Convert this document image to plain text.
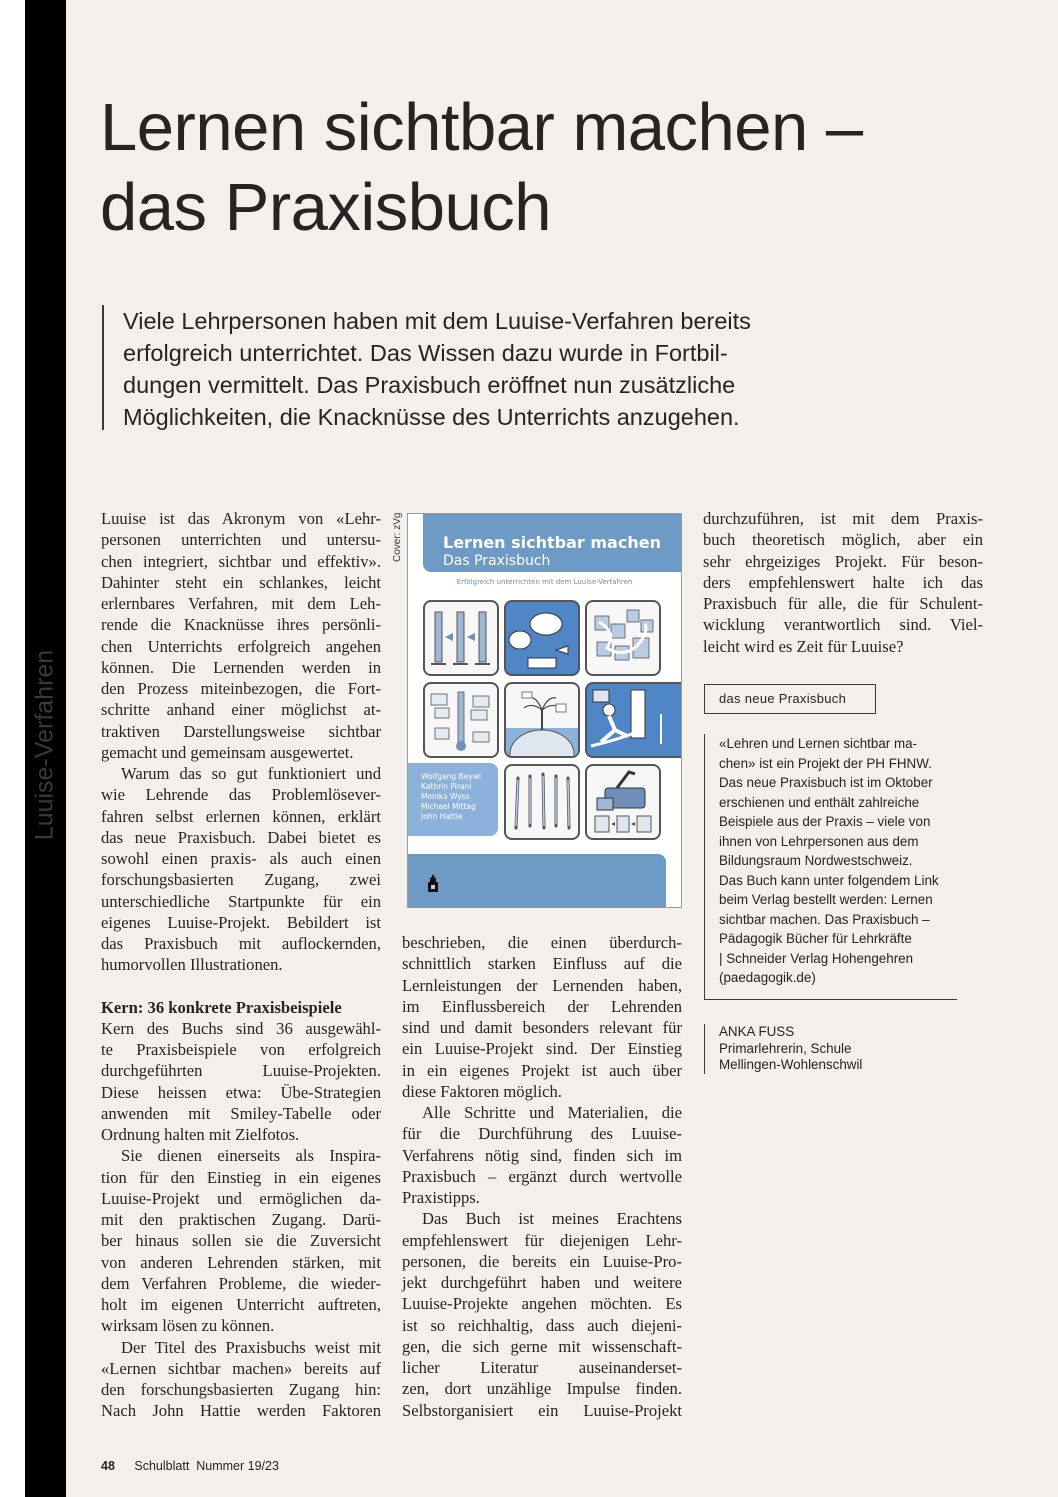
Luuise-Verfahren
Lernen sichtbar machen –
das Praxisbuch
Viele Lehrpersonen haben mit dem Luuise-Verfahren bereits
erfolgreich unterrichtet. Das Wissen dazu wurde in Fortbil-
dungen vermittelt. Das Praxisbuch eröffnet nun zusätzliche
Möglichkeiten, die Knacknüsse des Unterrichts anzugehen.
Luuise ist das Akronym von «Lehr-
personen unterrichten und untersu-
chen integriert, sichtbar und effektiv».
Dahinter steht ein schlankes, leicht
erlernbares Verfahren, mit dem Leh-
rende die Knacknüsse ihres persönli-
chen Unterrichts erfolgreich angehen
können. Die Lernenden werden in
den Prozess miteinbezogen, die Fort-
schritte anhand einer möglichst at-
traktiven Darstellungsweise sichtbar
gemacht und gemeinsam ausgewertet.
Warum das so gut funktioniert und
wie Lehrende das Problemlösever-
fahren selbst erlernen können, erklärt
das neue Praxisbuch. Dabei bietet es
sowohl einen praxis- als auch einen
forschungsbasierten Zugang, zwei
unterschiedliche Startpunkte für ein
eigenes Luuise-Projekt. Bebildert ist
das Praxisbuch mit auflockernden,
humorvollen Illustrationen.
Kern: 36 konkrete Praxisbeispiele
Kern des Buchs sind 36 ausgewähl-
te Praxisbeispiele von erfolgreich
durchgeführten Luuise-Projekten.
Diese heissen etwa: Übe-Strategien
anwenden mit Smiley-Tabelle oder
Ordnung halten mit Zielfotos.
Sie dienen einerseits als Inspira-
tion für den Einstieg in ein eigenes
Luuise-Projekt und ermöglichen da-
mit den praktischen Zugang. Darü-
ber hinaus sollen sie die Zuversicht
von anderen Lehrenden stärken, mit
dem Verfahren Probleme, die wieder-
holt im eigenen Unterricht auftreten,
wirksam lösen zu können.
Der Titel des Praxisbuchs weist mit
«Lernen sichtbar machen» bereits auf
den forschungsbasierten Zugang hin:
Nach John Hattie werden Faktoren
Cover: zVg	Lernen sichtbar machen
Das Praxisbuch
Erfolgreich unterrichten mit dem Luuise-Verfahren
Wolfgang Beywl
Kathrin Pirani
Monika Wyss
Michael Mittag
John Hattie
beschrieben, die einen überdurch-
schnittlich starken Einfluss auf die
Lernleistungen der Lernenden haben,
im Einflussbereich der Lehrenden
sind und damit besonders relevant für
ein Luuise-Projekt sind. Der Einstieg
in ein eigenes Projekt ist auch über
diese Faktoren möglich.
Alle Schritte und Materialien, die
für die Durchführung des Luuise-
Verfahrens nötig sind, finden sich im
Praxisbuch – ergänzt durch wertvolle
Praxistipps.
Das Buch ist meines Erachtens
empfehlenswert für diejenigen Lehr-
personen, die bereits ein Luuise-Pro-
jekt durchgeführt haben und weitere
Luuise-Projekte angehen möchten. Es
ist so reichhaltig, dass auch diejeni-
gen, die sich gerne mit wissenschaft-
licher Literatur auseinanderset-
zen, dort unzählige Impulse finden.
Selbstorganisiert ein Luuise-Projekt
durchzuführen, ist mit dem Praxis-
buch theoretisch möglich, aber ein
sehr ehrgeiziges Projekt. Für beson-
ders empfehlenswert halte ich das
Praxisbuch für alle, die für Schulent-
wicklung verantwortlich sind. Viel-
leicht wird es Zeit für Luuise?
das neue Praxisbuch
«Lehren und Lernen sichtbar ma-
chen» ist ein Projekt der PH FHNW.
Das neue Praxisbuch ist im Oktober
erschienen und enthält zahlreiche
Beispiele aus der Praxis – viele von
ihnen von Lehrpersonen aus dem
Bildungsraum Nordwestschweiz.
Das Buch kann unter folgendem Link
beim Verlag bestellt werden: Lernen
sichtbar machen. Das Praxisbuch –
Pädagogik Bücher für Lehrkräfte
| Schneider Verlag Hohengehren
(paedagogik.de)
ANKA FUSS
Primarlehrerin, Schule
Mellingen-Wohlenschwil
48 Schulblatt  Nummer 19/23
